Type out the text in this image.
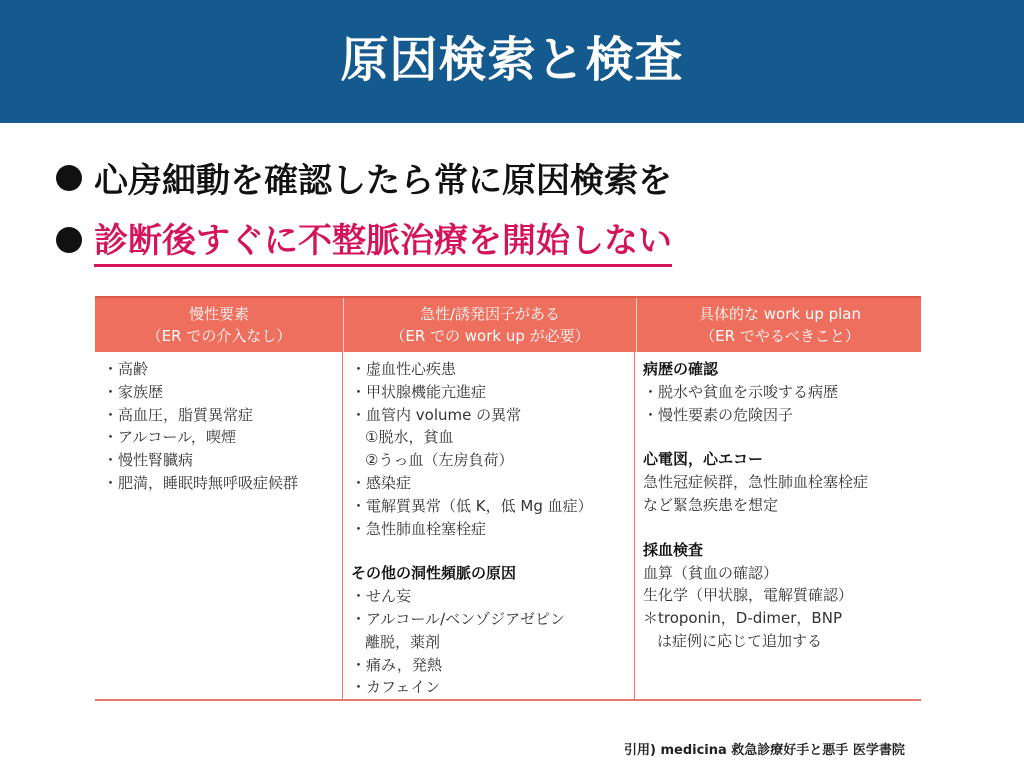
原因検索と検査
心房細動を確認したら常に原因検索を
診断後すぐに不整脈治療を開始しない
慢性要素
（ER での介入なし）
急性/誘発因子がある
（ER での work up が必要）
具体的な work up plan
（ER でやるべきこと）
・高齢
・家族歴
・高血圧，脂質異常症
・アルコール，喫煙
・慢性腎臓病
・肥満，睡眠時無呼吸症候群
・虚血性心疾患
・甲状腺機能亢進症
・血管内 volume の異常
①脱水，貧血
②うっ血（左房負荷）
・感染症
・電解質異常（低 K，低 Mg 血症）
・急性肺血栓塞栓症
その他の洞性頻脈の原因
・せん妄
・アルコール/ベンゾジアゼピン
離脱，薬剤
・痛み，発熱
・カフェイン
病歴の確認
・脱水や貧血を示唆する病歴
・慢性要素の危険因子
心電図，心エコー
急性冠症候群，急性肺血栓塞栓症
など緊急疾患を想定
採血検査
血算（貧血の確認）
生化学（甲状腺，電解質確認）
＊troponin，D-dimer，BNP
は症例に応じて追加する
引用) medicina 救急診療好手と悪手 医学書院
